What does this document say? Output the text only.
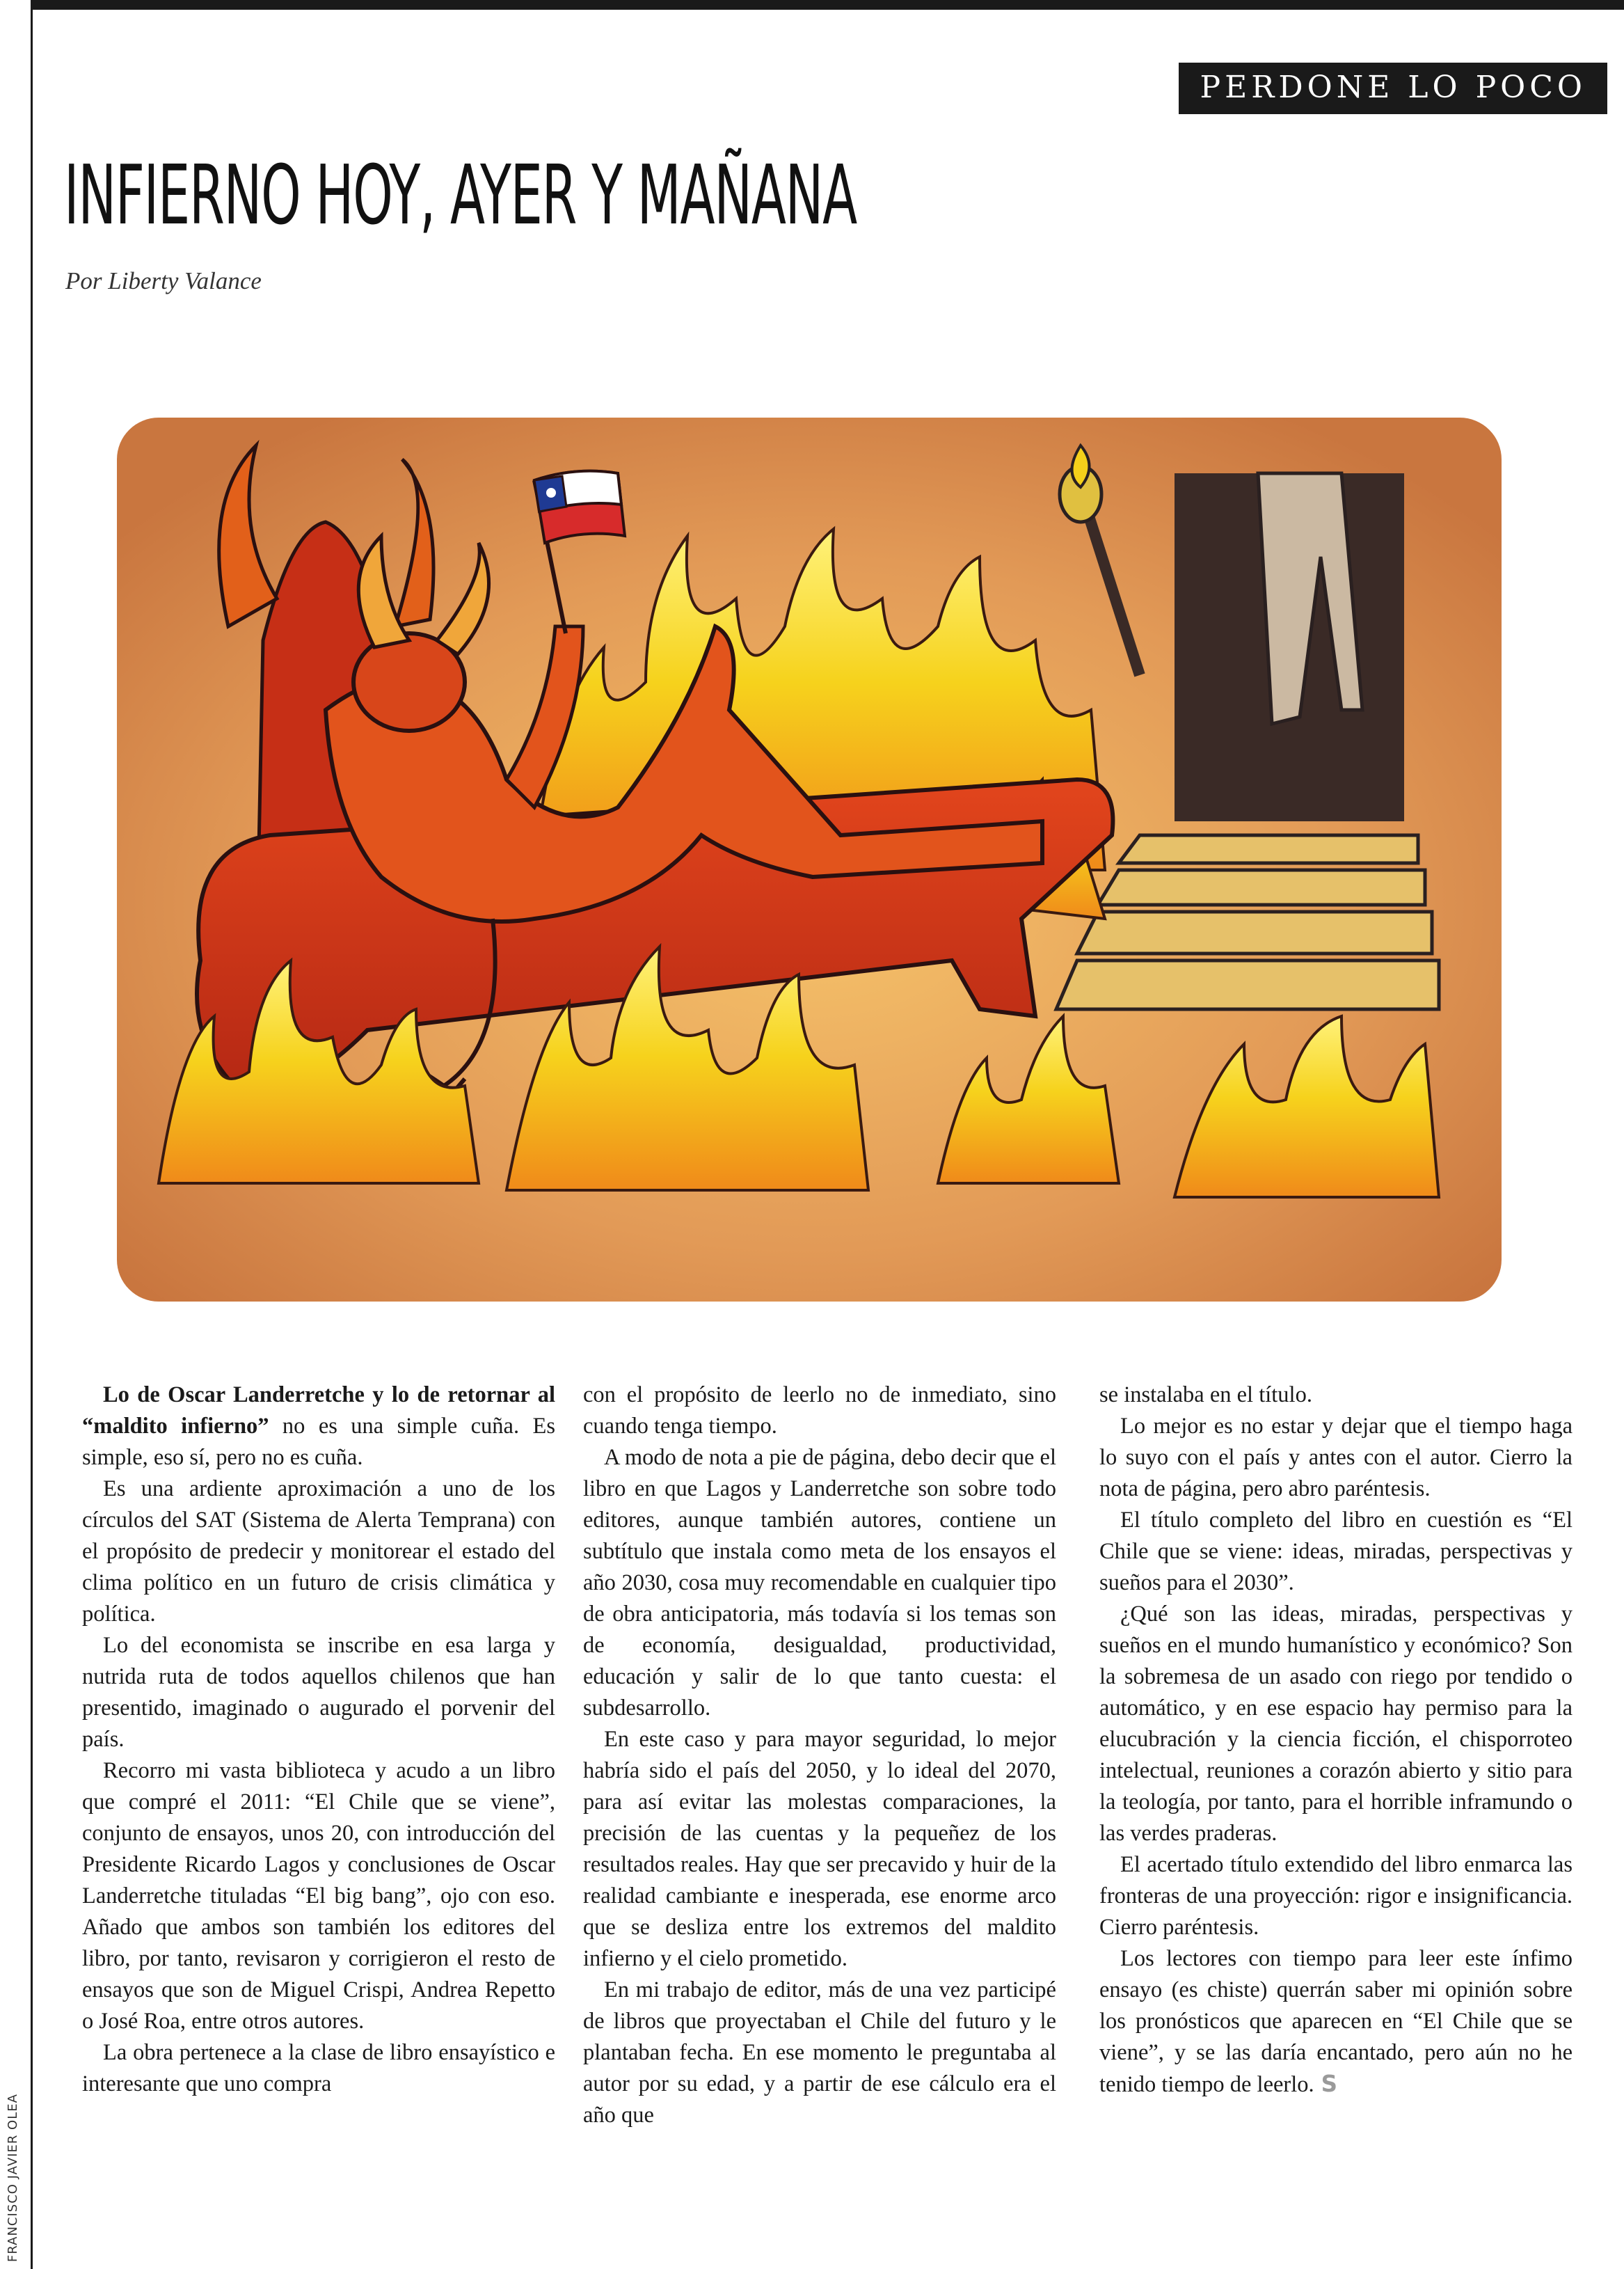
PERDONE LO POCO
INFIERNO HOY, AYER Y MAÑANA
Por Liberty Valance
FRANCISCO JAVIER OLEA

Lo de Oscar Landerretche y lo de retornar al “maldito infierno” no es una simple cuña. Es simple, eso sí, pero no es cuña.

Es una ardiente aproximación a uno de los círculos del SAT (Sistema de Alerta Temprana) con el propósito de predecir y monitorear el estado del clima político en un futuro de crisis climática y política.

Lo del economista se inscribe en esa larga y nutrida ruta de todos aquellos chilenos que han presentido, imaginado o augurado el porvenir del país.

Recorro mi vasta biblioteca y acudo a un libro que compré el 2011: “El Chile que se viene”, conjunto de ensayos, unos 20, con introducción del Presidente Ricardo Lagos y conclusiones de Oscar Landerretche tituladas “El big bang”, ojo con eso. Añado que ambos son también los editores del libro, por tanto, revisaron y corrigieron el resto de ensayos que son de Miguel Crispi, Andrea Repetto o José Roa, entre otros autores.

La obra pertenece a la clase de libro ensayístico e interesante que uno compra

con el propósito de leerlo no de inmediato, sino cuando tenga tiempo.

A modo de nota a pie de página, debo decir que el libro en que Lagos y Landerretche son sobre todo editores, aunque también autores, contiene un subtítulo que instala como meta de los ensayos el año 2030, cosa muy recomendable en cualquier tipo de obra anticipatoria, más todavía si los temas son de economía, desigualdad, productividad, educación y salir de lo que tanto cuesta: el subdesarrollo.

En este caso y para mayor seguridad, lo mejor habría sido el país del 2050, y lo ideal del 2070, para así evitar las molestas comparaciones, la precisión de las cuentas y la pequeñez de los resultados reales. Hay que ser precavido y huir de la realidad cambiante e inesperada, ese enorme arco que se desliza entre los extremos del maldito infierno y el cielo prometido.

En mi trabajo de editor, más de una vez participé de libros que proyectaban el Chile del futuro y le plantaban fecha. En ese momento le preguntaba al autor por su edad, y a partir de ese cálculo era el año que

se instalaba en el título.

Lo mejor es no estar y dejar que el tiempo haga lo suyo con el país y antes con el autor. Cierro la nota de página, pero abro paréntesis.

El título completo del libro en cuestión es “El Chile que se viene: ideas, miradas, perspectivas y sueños para el 2030”.

¿Qué son las ideas, miradas, perspectivas y sueños en el mundo humanístico y económico? Son la sobremesa de un asado con riego por tendido o automático, y en ese espacio hay permiso para la elucubración y la ciencia ficción, el chisporroteo intelectual, reuniones a corazón abierto y sitio para la teología, por tanto, para el horrible inframundo o las verdes praderas.

El acertado título extendido del libro enmarca las fronteras de una proyección: rigor e insignificancia. Cierro paréntesis.

Los lectores con tiempo para leer este ínfimo ensayo (es chiste) querrán saber mi opinión sobre los pronósticos que aparecen en “El Chile que se viene”, y se las daría encantado, pero aún no he tenido tiempo de leerlo. S
